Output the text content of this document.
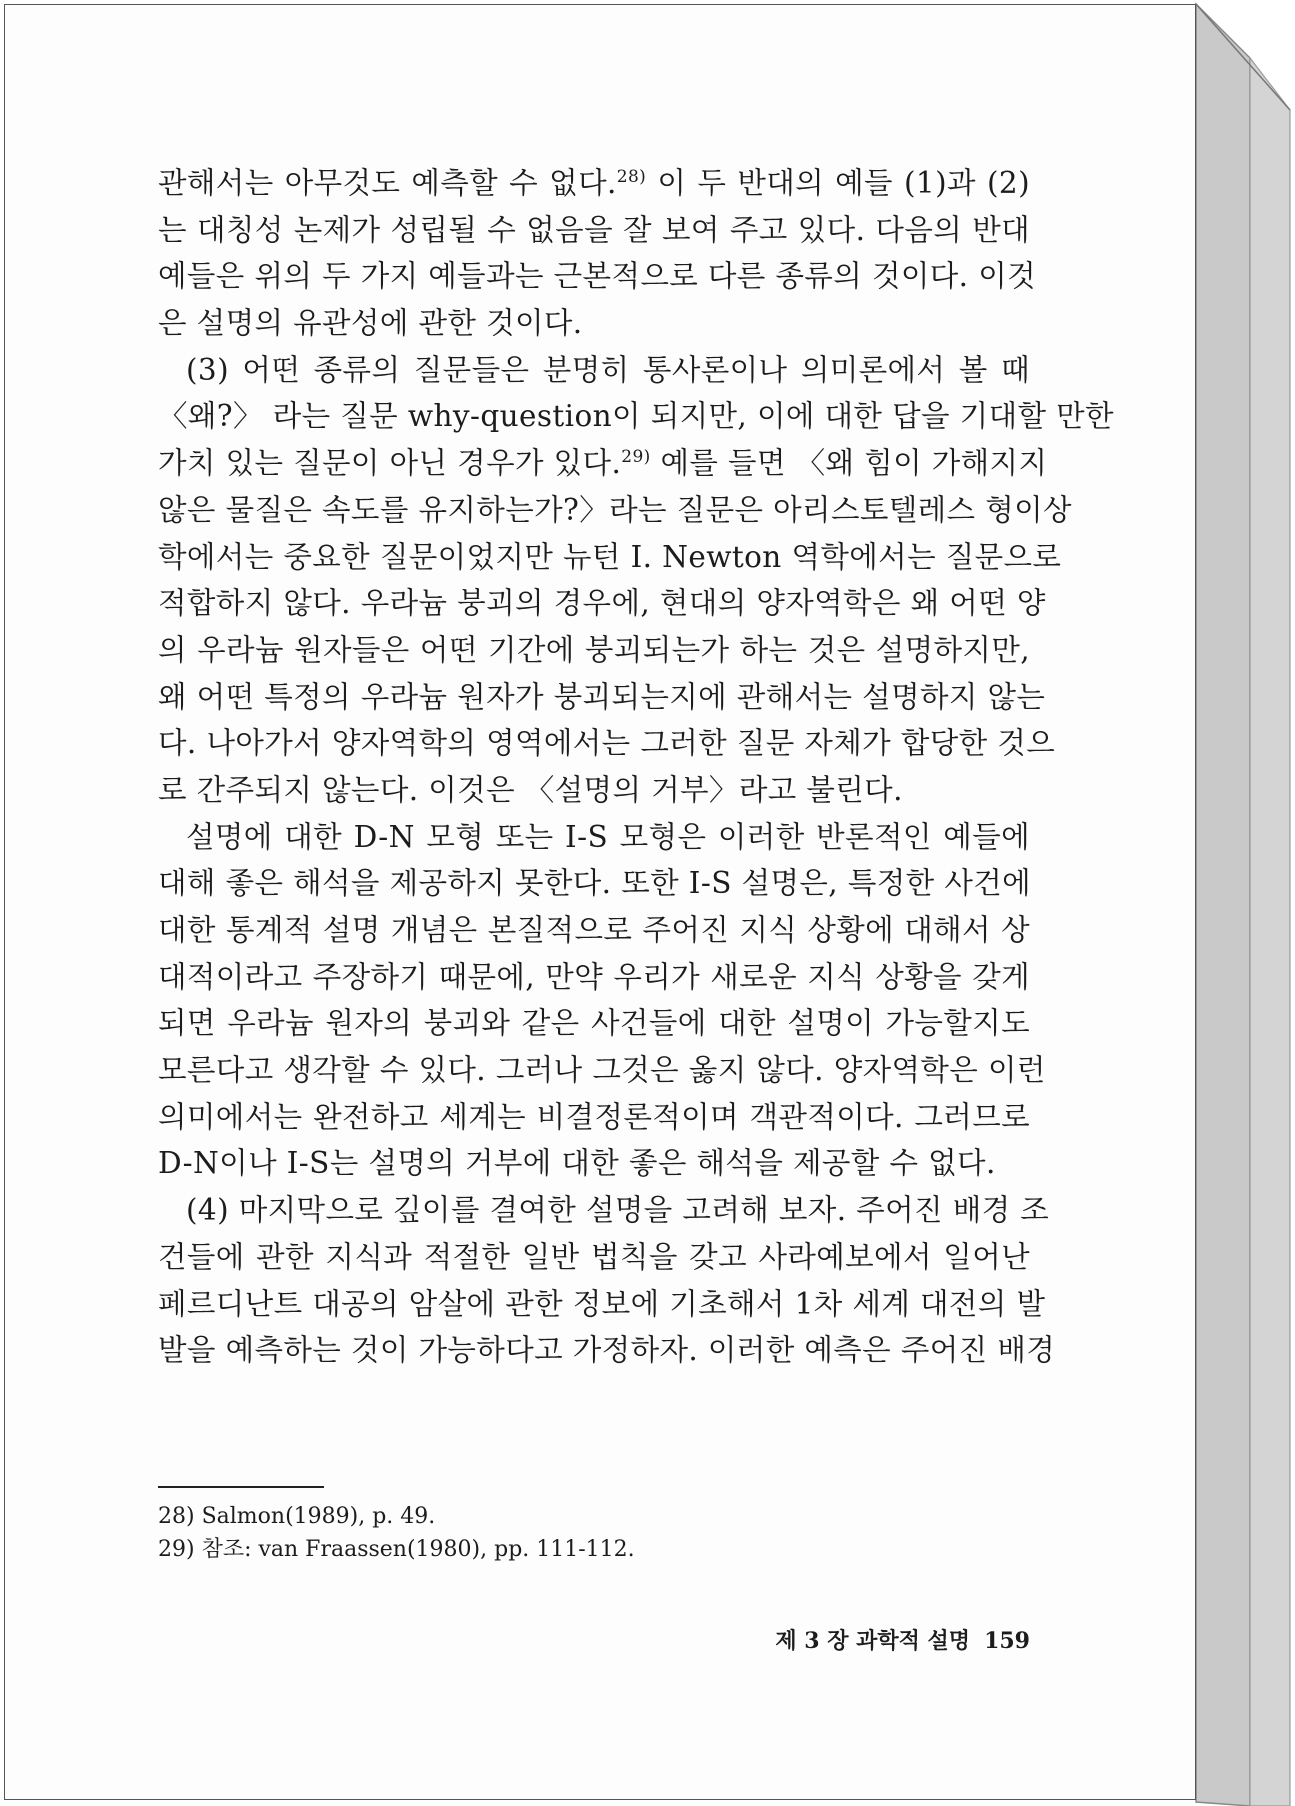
관해서는 아무것도 예측할 수 없다.$^{28)}$ 이 두 반대의 예들 (1)과 (2)
는 대칭성 논제가 성립될 수 없음을 잘 보여 주고 있다. 다음의 반대
예들은 위의 두 가지 예들과는 근본적으로 다른 종류의 것이다. 이것
은 설명의 유관성에 관한 것이다.
(3) 어떤 종류의 질문들은 분명히 통사론이나 의미론에서 볼 때
〈왜?〉 라는 질문 why-question이 되지만, 이에 대한 답을 기대할 만한
가치 있는 질문이 아닌 경우가 있다.$^{29)}$ 예를 들면 〈왜 힘이 가해지지
않은 물질은 속도를 유지하는가?〉라는 질문은 아리스토텔레스 형이상
학에서는 중요한 질문이었지만 뉴턴 I. Newton 역학에서는 질문으로
적합하지 않다. 우라늄 붕괴의 경우에, 현대의 양자역학은 왜 어떤 양
의 우라늄 원자들은 어떤 기간에 붕괴되는가 하는 것은 설명하지만,
왜 어떤 특정의 우라늄 원자가 붕괴되는지에 관해서는 설명하지 않는
다. 나아가서 양자역학의 영역에서는 그러한 질문 자체가 합당한 것으
로 간주되지 않는다. 이것은 〈설명의 거부〉라고 불린다.
설명에 대한 D-N 모형 또는 I-S 모형은 이러한 반론적인 예들에
대해 좋은 해석을 제공하지 못한다. 또한 I-S 설명은, 특정한 사건에
대한 통계적 설명 개념은 본질적으로 주어진 지식 상황에 대해서 상
대적이라고 주장하기 때문에, 만약 우리가 새로운 지식 상황을 갖게
되면 우라늄 원자의 붕괴와 같은 사건들에 대한 설명이 가능할지도
모른다고 생각할 수 있다. 그러나 그것은 옳지 않다. 양자역학은 이런
의미에서는 완전하고 세계는 비결정론적이며 객관적이다. 그러므로
D-N이나 I-S는 설명의 거부에 대한 좋은 해석을 제공할 수 없다.
(4) 마지막으로 깊이를 결여한 설명을 고려해 보자. 주어진 배경 조
건들에 관한 지식과 적절한 일반 법칙을 갖고 사라예보에서 일어난
페르디난트 대공의 암살에 관한 정보에 기초해서 1차 세계 대전의 발
발을 예측하는 것이 가능하다고 가정하자. 이러한 예측은 주어진 배경
28) Salmon(1989), p. 49.
29) 참조: van Fraassen(1980), pp. 111-112.
제 3 장 과학적 설명 159
